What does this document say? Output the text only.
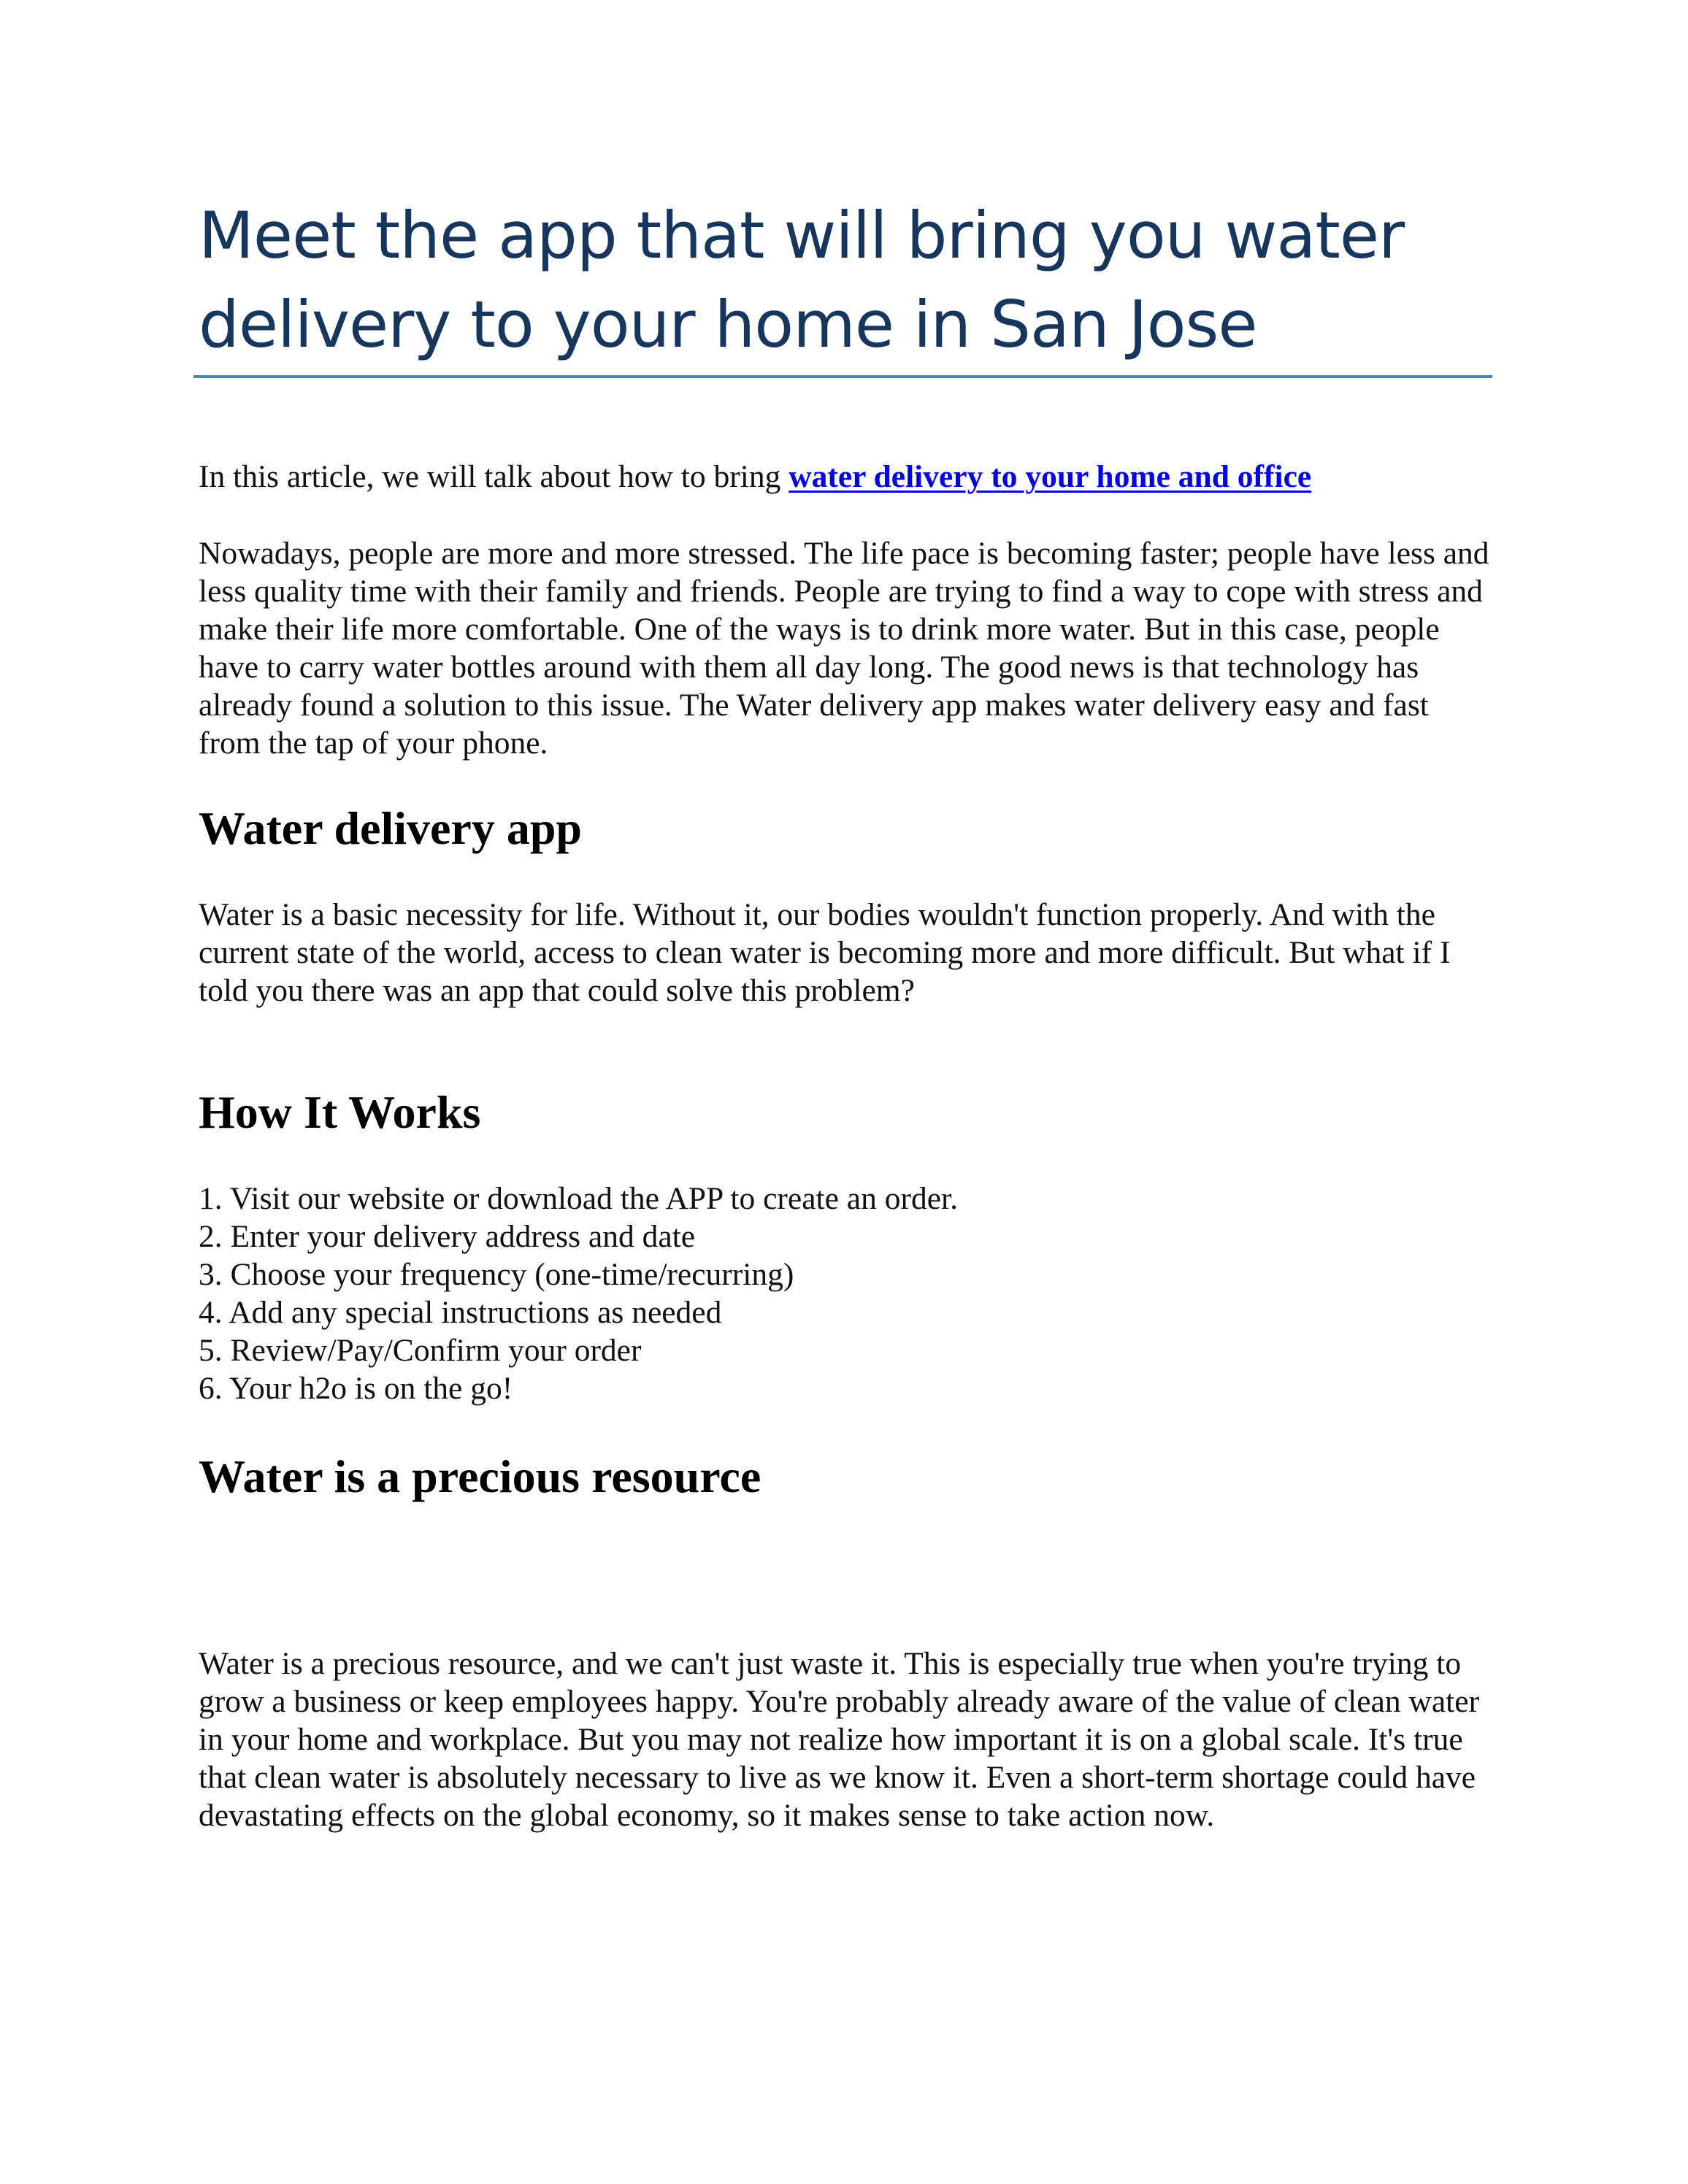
Meet the app that will bring you water delivery to your home in San Jose

In this article, we will talk about how to bring water delivery to your home and office

Nowadays, people are more and more stressed. The life pace is becoming faster; people have less and less quality time with their family and friends. People are trying to find a way to cope with stress and make their life more comfortable. One of the ways is to drink more water. But in this case, people have to carry water bottles around with them all day long. The good news is that technology has already found a solution to this issue. The Water delivery app makes water delivery easy and fast from the tap of your phone.

Water delivery app

Water is a basic necessity for life. Without it, our bodies wouldn't function properly. And with the current state of the world, access to clean water is becoming more and more difficult. But what if I told you there was an app that could solve this problem?

How It Works
1. Visit our website or download the APP to create an order.
2. Enter your delivery address and date
3. Choose your frequency (one-time/recurring)
4. Add any special instructions as needed
5. Review/Pay/Confirm your order
6. Your h2o is on the go!
Water is a precious resource

Water is a precious resource, and we can't just waste it. This is especially true when you're trying to grow a business or keep employees happy. You're probably already aware of the value of clean water in your home and workplace. But you may not realize how important it is on a global scale. It's true that clean water is absolutely necessary to live as we know it. Even a short-term shortage could have devastating effects on the global economy, so it makes sense to take action now.
